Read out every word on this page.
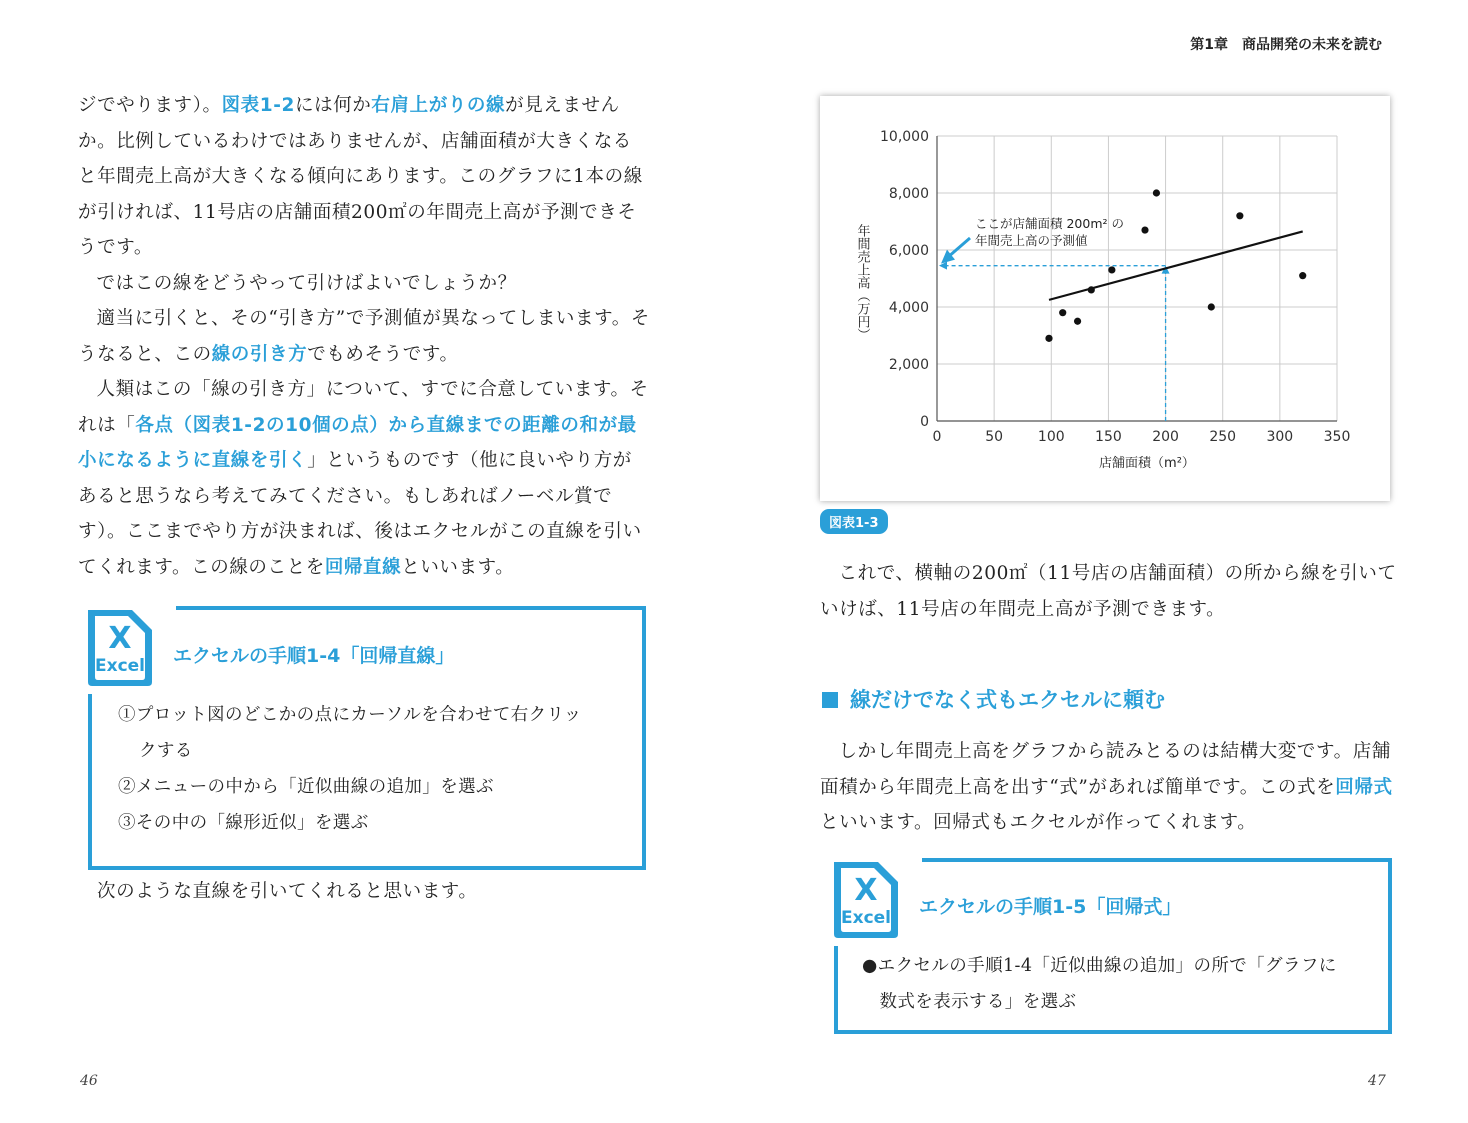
ジでやります）。図表1-2には何か右肩上がりの線が見えませんか。比例しているわけではありませんが、店舗面積が大きくなると年間売上高が大きくなる傾向にあります。このグラフに1本の線が引ければ、11号店の店舗面積200㎡の年間売上高が予測できそうです。

ではこの線をどうやって引けばよいでしょうか？

適当に引くと、その“引き方”で予測値が異なってしまいます。そうなると、この線の引き方でもめそうです。

人類はこの「線の引き方」について、すでに合意しています。それは「各点（図表1-2の10個の点）から直線までの距離の和が最小になるように直線を引く」というものです（他に良いやり方があると思うなら考えてみてください。もしあればノーベル賞です）。ここまでやり方が決まれば、後はエクセルがこの直線を引いてくれます。この線のことを回帰直線といいます。

X
Excel エクセルの手順1-4「回帰直線」

①プロット図のどこかの点にカーソルを合わせて右クリッ

クする

②メニューの中から「近似曲線の追加」を選ぶ

③その中の「線形近似」を選ぶ

次のような直線を引いてくれると思います。
46
第1章　商品開発の未来を読む
0	50 100 150 200 250 300 350
0
2,000
4,000
6,000
8,000
10,000
ここが店舗面積 200m² の
年間売上高の予測値
店舗面積（m²）
年間売上高（万円）
図表1-3

これで、横軸の200㎡（11号店の店舗面積）の所から線を引いていけば、11号店の年間売上高が予測できます。

線だけでなく式もエクセルに頼む

しかし年間売上高をグラフから読みとるのは結構大変です。店舗面積から年間売上高を出す“式”があれば簡単です。この式を回帰式といいます。回帰式もエクセルが作ってくれます。

X
Excel エクセルの手順1-5「回帰式」

●エクセルの手順1-4「近似曲線の追加」の所で「グラフに

数式を表示する」を選ぶ

47
